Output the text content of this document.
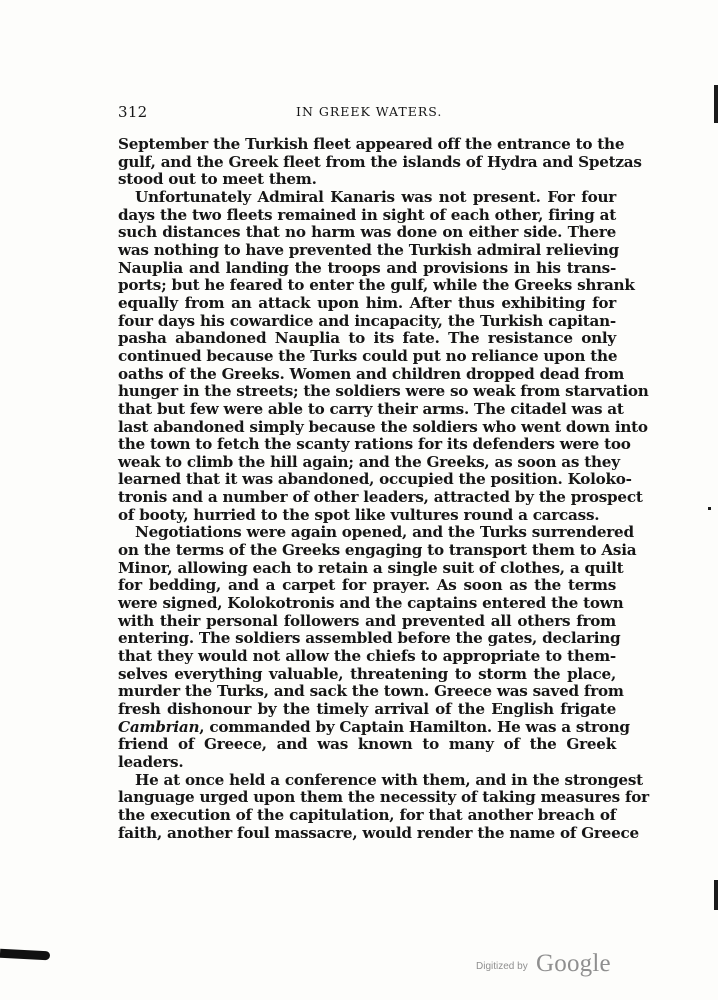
312	IN GREEK WATERS.
September the Turkish fleet appeared off the entrance to the
gulf, and the Greek fleet from the islands of Hydra and Spetzas
stood out to meet them.
Unfortunately Admiral Kanaris was not present. For four
days the two fleets remained in sight of each other, firing at
such distances that no harm was done on either side. There
was nothing to have prevented the Turkish admiral relieving
Nauplia and landing the troops and provisions in his trans-
ports; but he feared to enter the gulf, while the Greeks shrank
equally from an attack upon him. After thus exhibiting for
four days his cowardice and incapacity, the Turkish capitan-
pasha abandoned Nauplia to its fate. The resistance only
continued because the Turks could put no reliance upon the
oaths of the Greeks. Women and children dropped dead from
hunger in the streets; the soldiers were so weak from starvation
that but few were able to carry their arms. The citadel was at
last abandoned simply because the soldiers who went down into
the town to fetch the scanty rations for its defenders were too
weak to climb the hill again; and the Greeks, as soon as they
learned that it was abandoned, occupied the position. Koloko-
tronis and a number of other leaders, attracted by the prospect
of booty, hurried to the spot like vultures round a carcass.
Negotiations were again opened, and the Turks surrendered
on the terms of the Greeks engaging to transport them to Asia
Minor, allowing each to retain a single suit of clothes, a quilt
for bedding, and a carpet for prayer. As soon as the terms
were signed, Kolokotronis and the captains entered the town
with their personal followers and prevented all others from
entering. The soldiers assembled before the gates, declaring
that they would not allow the chiefs to appropriate to them-
selves everything valuable, threatening to storm the place,
murder the Turks, and sack the town. Greece was saved from
fresh dishonour by the timely arrival of the English frigate
Cambrian, commanded by Captain Hamilton. He was a strong
friend of Greece, and was known to many of the Greek
leaders.
He at once held a conference with them, and in the strongest
language urged upon them the necessity of taking measures for
the execution of the capitulation, for that another breach of
faith, another foul massacre, would render the name of Greece
Digitized by Google
